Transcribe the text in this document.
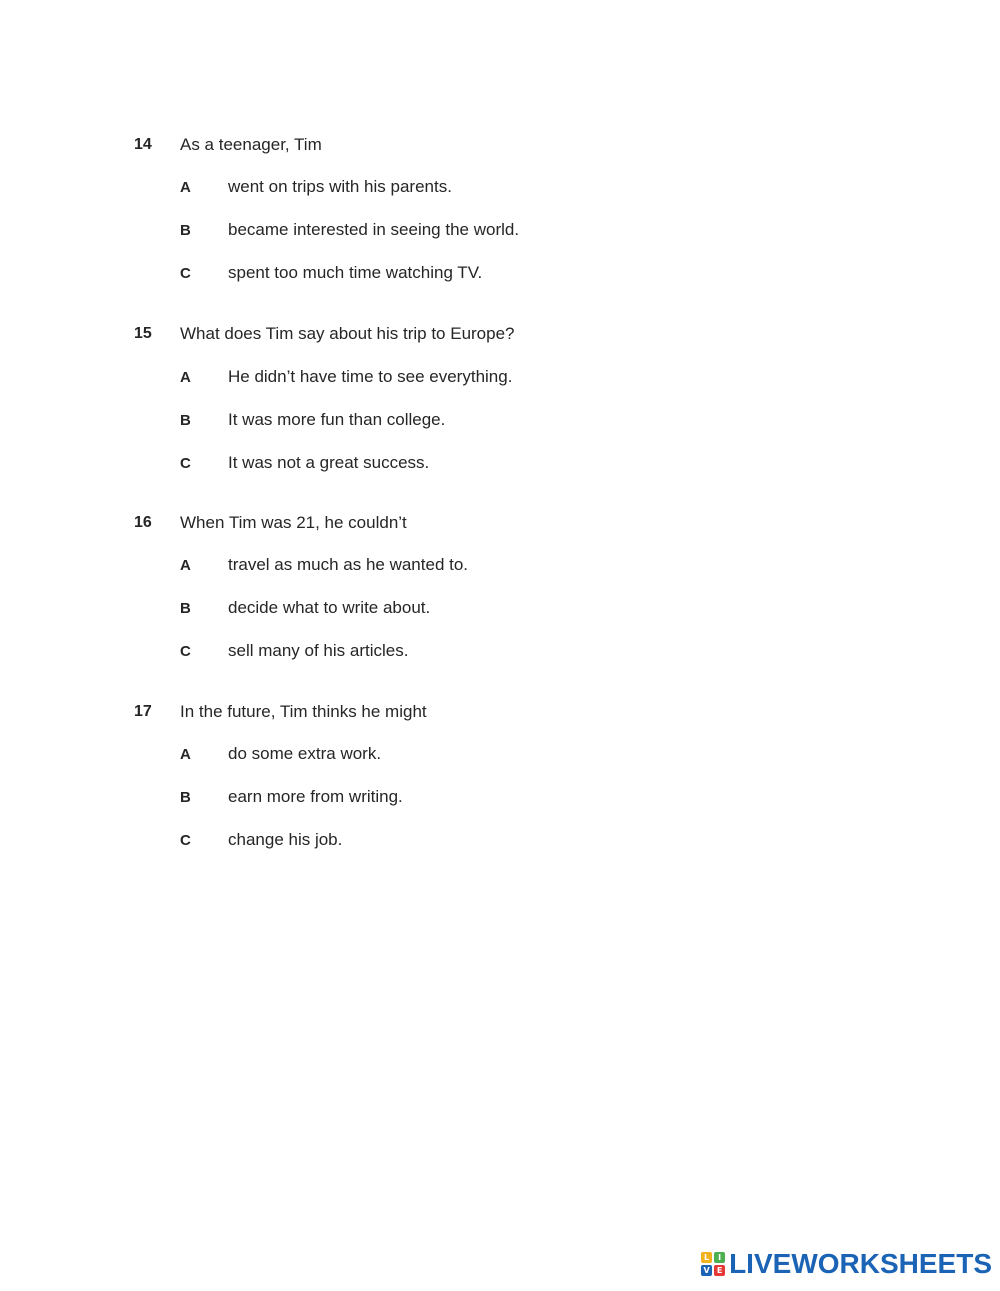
14	As a teenager, Tim
A	went on trips with his parents.
B	became interested in seeing the world.
C	spent too much time watching TV.
15	What does Tim say about his trip to Europe?
A	He didn’t have time to see everything.
B	It was more fun than college.
C	It was not a great success.
16	When Tim was 21, he couldn’t
A	travel as much as he wanted to.
B	decide what to write about.
C	sell many of his articles.
17	In the future, Tim thinks he might
A	do some extra work.
B	earn more from writing.
C	change his job.
L	I
V E LIVEWORKSHEETS
